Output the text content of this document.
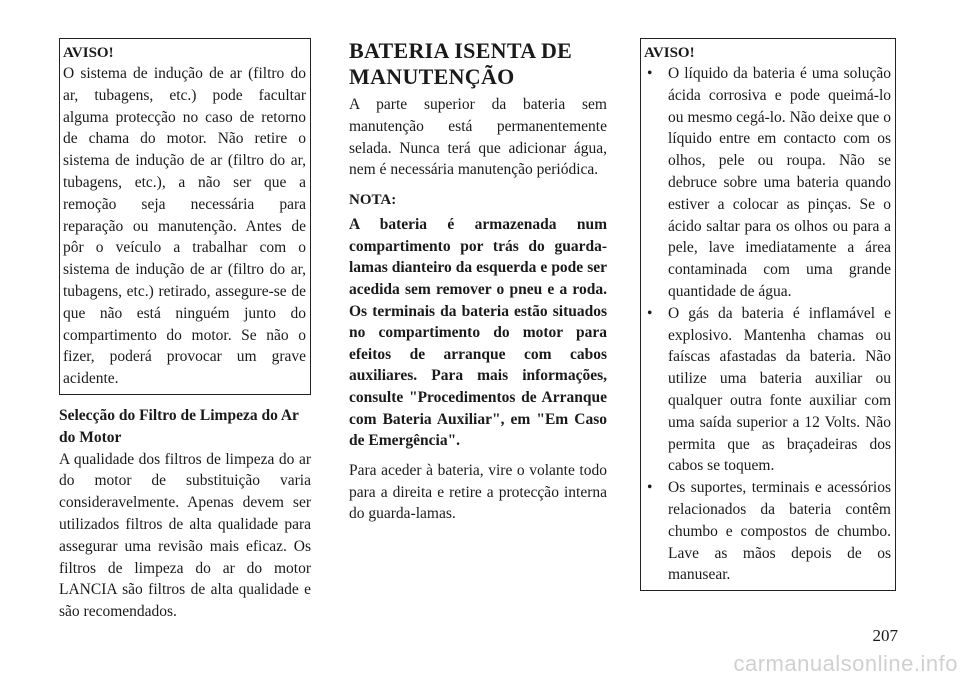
AVISO!
O sistema de indução de ar (filtro do ar, tubagens, etc.) pode facultar alguma protecção no caso de retorno de chama do motor. Não retire o sistema de indução de ar (filtro do ar, tubagens, etc.), a não ser que a remoção seja necessária para reparação ou manutenção. Antes de pôr o veículo a trabalhar com o sistema de indução de ar (filtro do ar, tubagens, etc.) retirado, assegure-se de que não está ninguém junto do compartimento do motor. Se não o fizer, poderá provocar um grave acidente.
Selecção do Filtro de Limpeza do Ar do Motor

A qualidade dos filtros de limpeza do ar do motor de substituição varia consideravelmente. Apenas devem ser utilizados filtros de alta qualidade para assegurar uma revisão mais eficaz. Os filtros de limpeza do ar do motor LANCIA são filtros de alta qualidade e são recomendados.

BATERIA ISENTA DE MANUTENÇÃO

A parte superior da bateria sem manutenção está permanentemente selada. Nunca terá que adicionar água, nem é necessária manutenção periódica.

NOTA:
A bateria é armazenada num compartimento por trás do guarda-lamas dianteiro da esquerda e pode ser acedida sem remover o pneu e a roda. Os terminais da bateria estão situados no compartimento do motor para efeitos de arranque com cabos auxiliares. Para mais informações, consulte "Procedimentos de Arranque com Bateria Auxiliar", em "Em Caso de Emergência".

Para aceder à bateria, vire o volante todo para a direita e retire a protecção interna do guarda-lamas.

AVISO!
• O líquido da bateria é uma solução ácida corrosiva e pode queimá-lo ou mesmo cegá-lo. Não deixe que o líquido entre em contacto com os olhos, pele ou roupa. Não se debruce sobre uma bateria quando estiver a colocar as pinças. Se o ácido saltar para os olhos ou para a pele, lave imediatamente a área contaminada com uma grande quantidade de água.
• O gás da bateria é inflamável e explosivo. Mantenha chamas ou faíscas afastadas da bateria. Não utilize uma bateria auxiliar ou qualquer outra fonte auxiliar com uma saída superior a 12 Volts. Não permita que as braçadeiras dos cabos se toquem.
• Os suportes, terminais e acessórios relacionados da bateria contêm chumbo e compostos de chumbo. Lave as mãos depois de os manusear.
207
carmanualsonline.info
